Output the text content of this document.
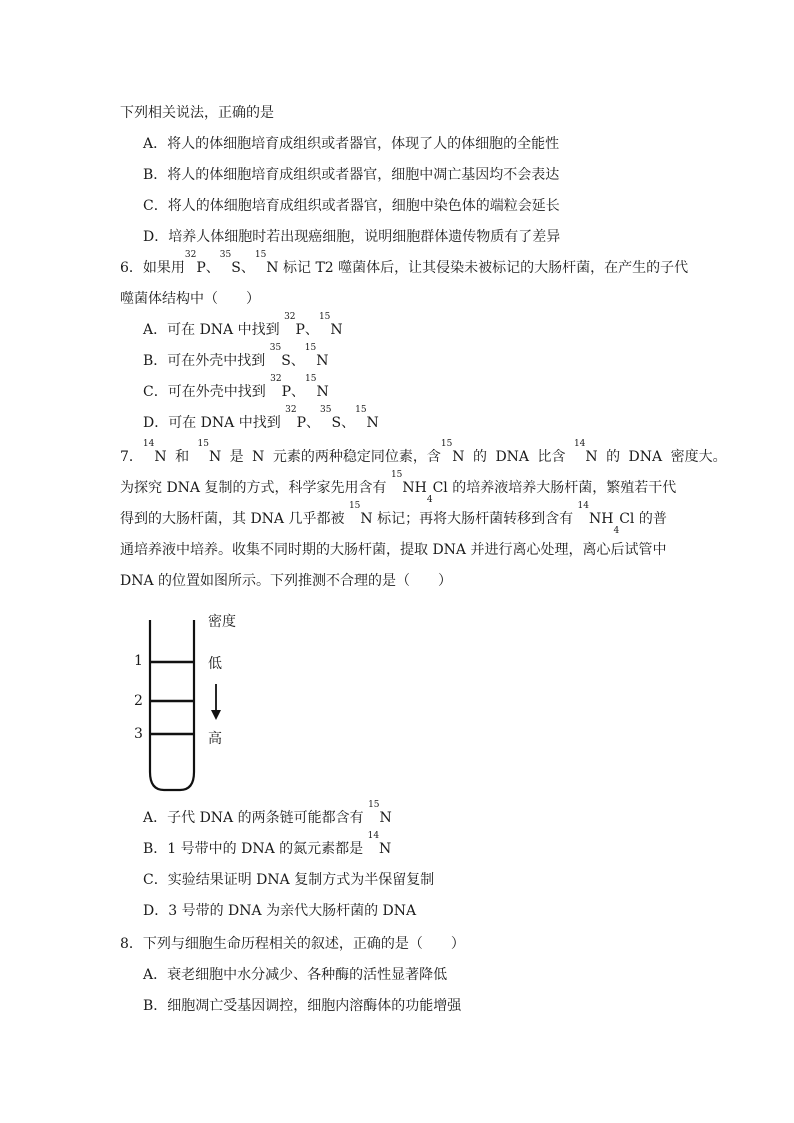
下列相关说法，正确的是
A．将人的体细胞培育成组织或者器官，体现了人的体细胞的全能性
B．将人的体细胞培育成组织或者器官，细胞中凋亡基因均不会表达
C．将人的体细胞培育成组织或者器官，细胞中染色体的端粒会延长
D．培养人体细胞时若出现癌细胞，说明细胞群体遗传物质有了差异
6．如果用$^{32}$P、$^{35}$S、$^{15}$N 标记 T2 噬菌体后，让其侵染未被标记的大肠杆菌，在产生的子代
噬菌体结构中（　　）
A．可在 DNA 中找到 $^{32}$P、$^{15}$N
B．可在外壳中找到 $^{35}$S、$^{15}$N
C．可在外壳中找到 $^{32}$P、$^{15}$N
D．可在 DNA 中找到 $^{32}$P、$^{35}$S、$^{15}$N
7．$^{14}$N 和 $^{15}$N 是 N 元素的两种稳定同位素，含$^{15}$N 的 DNA 比含 $^{14}$N 的 DNA 密度大。
为探究 DNA 复制的方式，科学家先用含有 $^{15}NH_4Cl$ 的培养液培养大肠杆菌，繁殖若干代
得到的大肠杆菌，其 DNA 几乎都被 $^{15}$N 标记；再将大肠杆菌转移到含有 $^{14}NH_4Cl$ 的普
通培养液中培养。收集不同时期的大肠杆菌，提取 DNA 并进行离心处理，离心后试管中
DNA 的位置如图所示。下列推测不合理的是（　　）
密度
低
高
1
2
3
A．子代 DNA 的两条链可能都含有 $^{15}$N
B．1 号带中的 DNA 的氮元素都是 $^{14}$N
C．实验结果证明 DNA 复制方式为半保留复制
D．3 号带的 DNA 为亲代大肠杆菌的 DNA
8．下列与细胞生命历程相关的叙述，正确的是（　　）
A．衰老细胞中水分减少、各种酶的活性显著降低
B．细胞凋亡受基因调控，细胞内溶酶体的功能增强
